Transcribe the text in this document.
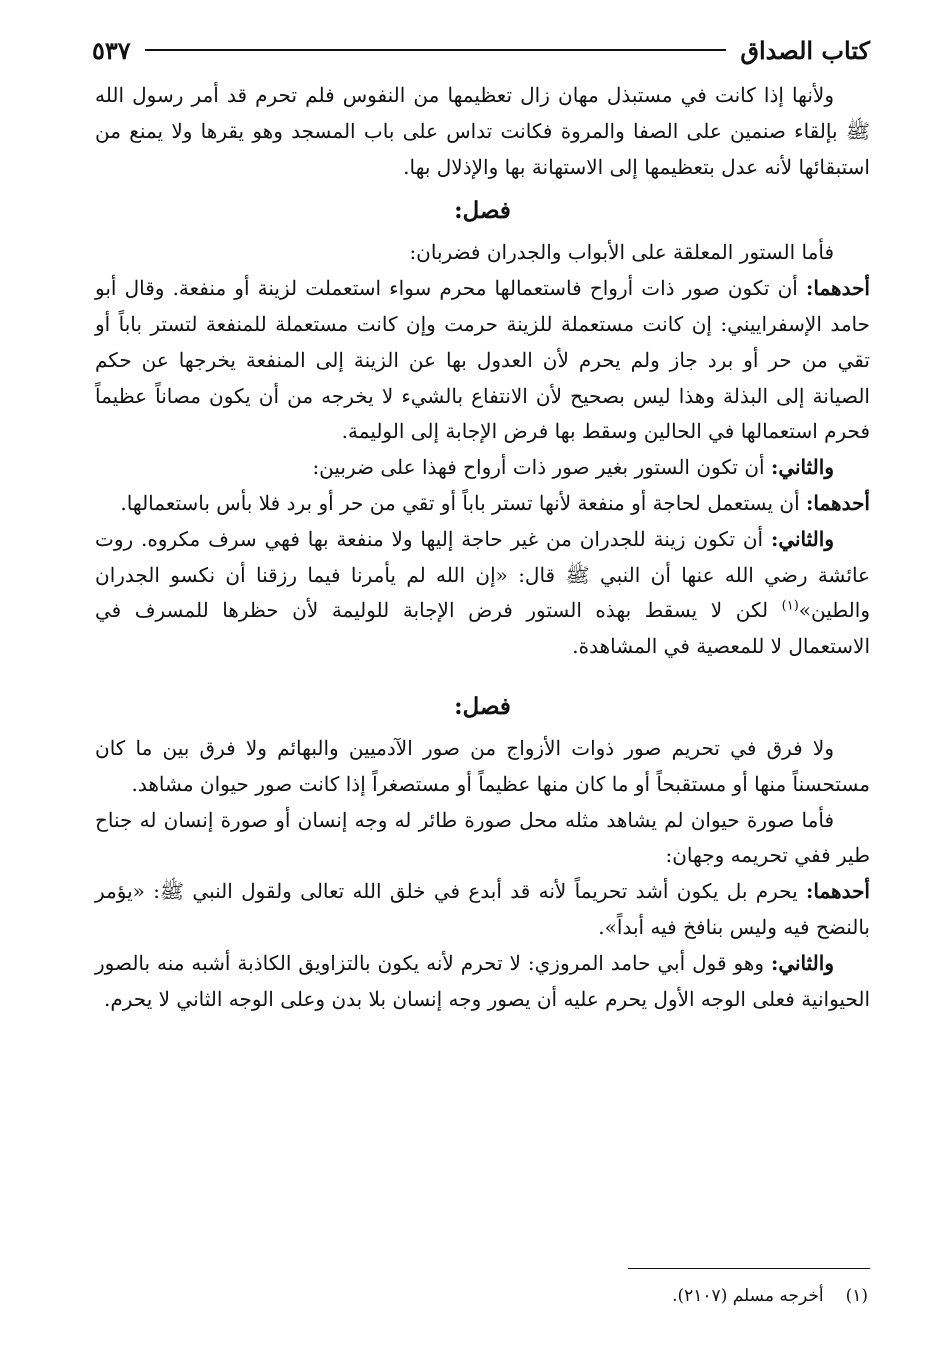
كتاب الصداق
٥٣٧

ولأنها إذا كانت في مستبذل مهان زال تعظيمها من النفوس فلم تحرم قد أمر رسول الله ﷺ بإلقاء صنمين على الصفا والمروة فكانت تداس على باب المسجد وهو يقرها ولا يمنع من استبقائها لأنه عدل بتعظيمها إلى الاستهانة بها والإذلال بها.

فصل:

فأما الستور المعلقة على الأبواب والجدران فضربان:

أحدهما: أن تكون صور ذات أرواح فاستعمالها محرم سواء استعملت لزينة أو منفعة. وقال أبو حامد الإسفراييني: إن كانت مستعملة للزينة حرمت وإن كانت مستعملة للمنفعة لتستر باباً أو تقي من حر أو برد جاز ولم يحرم لأن العدول بها عن الزينة إلى المنفعة يخرجها عن حكم الصيانة إلى البذلة وهذا ليس بصحيح لأن الانتفاع بالشيء لا يخرجه من أن يكون مصاناً عظيماً فحرم استعمالها في الحالين وسقط بها فرض الإجابة إلى الوليمة.

والثاني: أن تكون الستور بغير صور ذات أرواح فهذا على ضربين:

أحدهما: أن يستعمل لحاجة أو منفعة لأنها تستر باباً أو تقي من حر أو برد فلا بأس باستعمالها.

والثاني: أن تكون زينة للجدران من غير حاجة إليها ولا منفعة بها فهي سرف مكروه. روت عائشة رضي الله عنها أن النبي ﷺ قال: «إن الله لم يأمرنا فيما رزقنا أن نكسو الجدران والطين»$^{(١)}$ لكن لا يسقط بهذه الستور فرض الإجابة للوليمة لأن حظرها للمسرف في الاستعمال لا للمعصية في المشاهدة.

فصل:

ولا فرق في تحريم صور ذوات الأزواج من صور الآدميين والبهائم ولا فرق بين ما كان مستحسناً منها أو مستقبحاً أو ما كان منها عظيماً أو مستصغراً إذا كانت صور حيوان مشاهد.

فأما صورة حيوان لم يشاهد مثله محل صورة طائر له وجه إنسان أو صورة إنسان له جناح طير ففي تحريمه وجهان:

أحدهما: يحرم بل يكون أشد تحريماً لأنه قد أبدع في خلق الله تعالى ولقول النبي ﷺ: «يؤمر بالنضح فيه وليس بنافخ فيه أبداً».

والثاني: وهو قول أبي حامد المروزي: لا تحرم لأنه يكون بالتزاويق الكاذبة أشبه منه بالصور الحيوانية فعلى الوجه الأول يحرم عليه أن يصور وجه إنسان بلا بدن وعلى الوجه الثاني لا يحرم.

(١)أخرجه مسلم (٢١٠٧).
